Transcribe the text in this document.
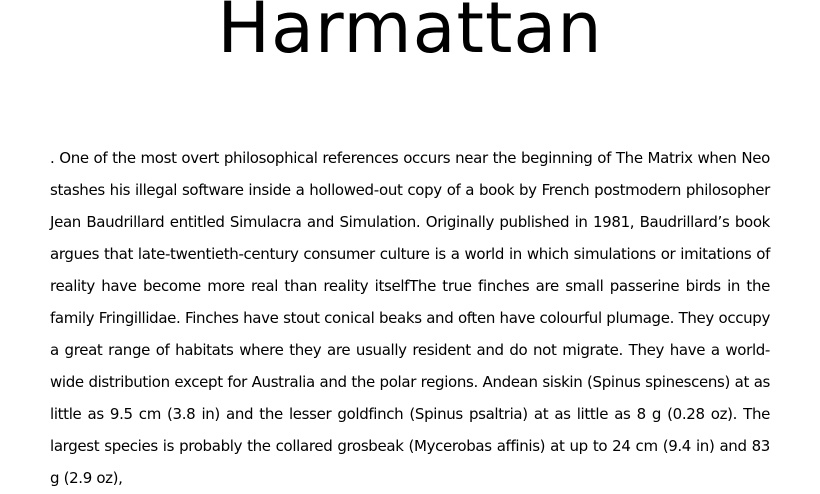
Harmattan

. One of the most overt philosophical references occurs near the beginning of The Matrix when Neo stashes his illegal software inside a hollowed-out copy of a book by French postmodern philosopher Jean Baudrillard entitled Simulacra and Simulation. Originally published in 1981, Baudrillard’s book argues that late-twentieth-century consumer culture is a world in which simulations or imitations of reality have become more real than reality itselfThe true finches are small passerine birds in the family Fringillidae. Finches have stout conical beaks and often have colourful plumage. They occupy a great range of habitats where they are usually resident and do not migrate. They have a world-wide distribution except for Australia and the polar regions. Andean siskin (Spinus spinescens) at as little as 9.5 cm (3.8 in) and the lesser goldfinch (Spinus psaltria) at as little as 8 g (0.28 oz). The largest species is probably the collared grosbeak (Mycerobas affinis) at up to 24 cm (9.4 in) and 83 g (2.9 oz),
